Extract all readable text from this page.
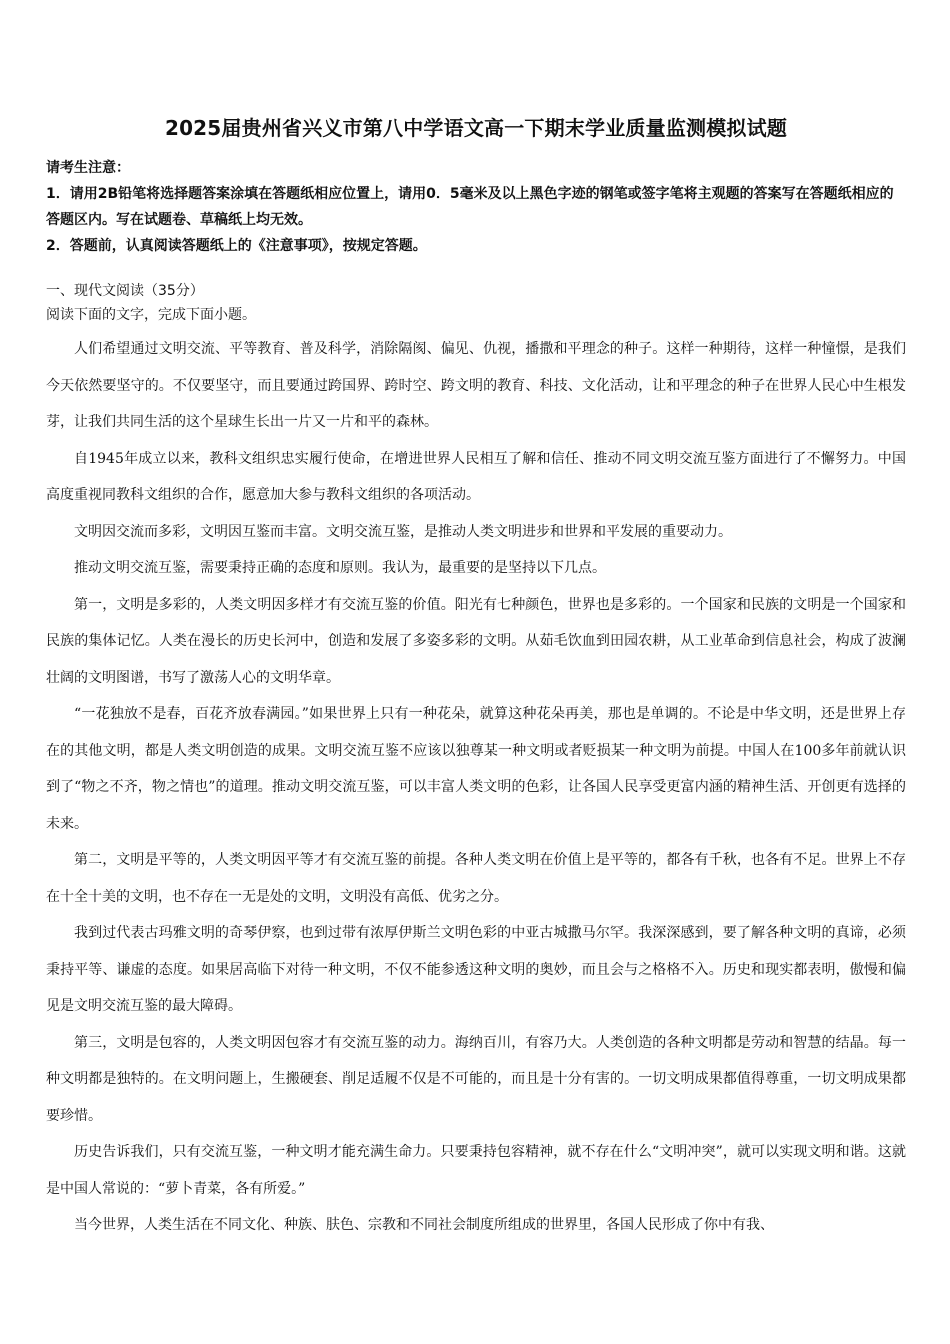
2025届贵州省兴义市第八中学语文高一下期末学业质量监测模拟试题
请考生注意：
1．请用2B铅笔将选择题答案涂填在答题纸相应位置上，请用0．5毫米及以上黑色字迹的钢笔或签字笔将主观题的答案写在答题纸相应的答题区内。写在试题卷、草稿纸上均无效。
2．答题前，认真阅读答题纸上的《注意事项》，按规定答题。
一、现代文阅读（35分）
阅读下面的文字，完成下面小题。

人们希望通过文明交流、平等教育、普及科学，消除隔阂、偏见、仇视，播撒和平理念的种子。这样一种期待，这样一种憧憬，是我们今天依然要坚守的。不仅要坚守，而且要通过跨国界、跨时空、跨文明的教育、科技、文化活动，让和平理念的种子在世界人民心中生根发芽，让我们共同生活的这个星球生长出一片又一片和平的森林。

自1945年成立以来，教科文组织忠实履行使命，在增进世界人民相互了解和信任、推动不同文明交流互鉴方面进行了不懈努力。中国高度重视同教科文组织的合作，愿意加大参与教科文组织的各项活动。

文明因交流而多彩，文明因互鉴而丰富。文明交流互鉴，是推动人类文明进步和世界和平发展的重要动力。

推动文明交流互鉴，需要秉持正确的态度和原则。我认为，最重要的是坚持以下几点。

第一，文明是多彩的，人类文明因多样才有交流互鉴的价值。阳光有七种颜色，世界也是多彩的。一个国家和民族的文明是一个国家和民族的集体记忆。人类在漫长的历史长河中，创造和发展了多姿多彩的文明。从茹毛饮血到田园农耕，从工业革命到信息社会，构成了波澜壮阔的文明图谱，书写了激荡人心的文明华章。

“一花独放不是春，百花齐放春满园。”如果世界上只有一种花朵，就算这种花朵再美，那也是单调的。不论是中华文明，还是世界上存在的其他文明，都是人类文明创造的成果。文明交流互鉴不应该以独尊某一种文明或者贬损某一种文明为前提。中国人在100多年前就认识到了“物之不齐，物之情也”的道理。推动文明交流互鉴，可以丰富人类文明的色彩，让各国人民享受更富内涵的精神生活、开创更有选择的未来。

第二，文明是平等的，人类文明因平等才有交流互鉴的前提。各种人类文明在价值上是平等的，都各有千秋，也各有不足。世界上不存在十全十美的文明，也不存在一无是处的文明，文明没有高低、优劣之分。

我到过代表古玛雅文明的奇琴伊察，也到过带有浓厚伊斯兰文明色彩的中亚古城撒马尔罕。我深深感到，要了解各种文明的真谛，必须秉持平等、谦虚的态度。如果居高临下对待一种文明，不仅不能参透这种文明的奥妙，而且会与之格格不入。历史和现实都表明，傲慢和偏见是文明交流互鉴的最大障碍。

第三，文明是包容的，人类文明因包容才有交流互鉴的动力。海纳百川，有容乃大。人类创造的各种文明都是劳动和智慧的结晶。每一种文明都是独特的。在文明问题上，生搬硬套、削足适履不仅是不可能的，而且是十分有害的。一切文明成果都值得尊重，一切文明成果都要珍惜。

历史告诉我们，只有交流互鉴，一种文明才能充满生命力。只要秉持包容精神，就不存在什么“文明冲突”，就可以实现文明和谐。这就是中国人常说的：“萝卜青菜，各有所爱。”

当今世界，人类生活在不同文化、种族、肤色、宗教和不同社会制度所组成的世界里，各国人民形成了你中有我、
